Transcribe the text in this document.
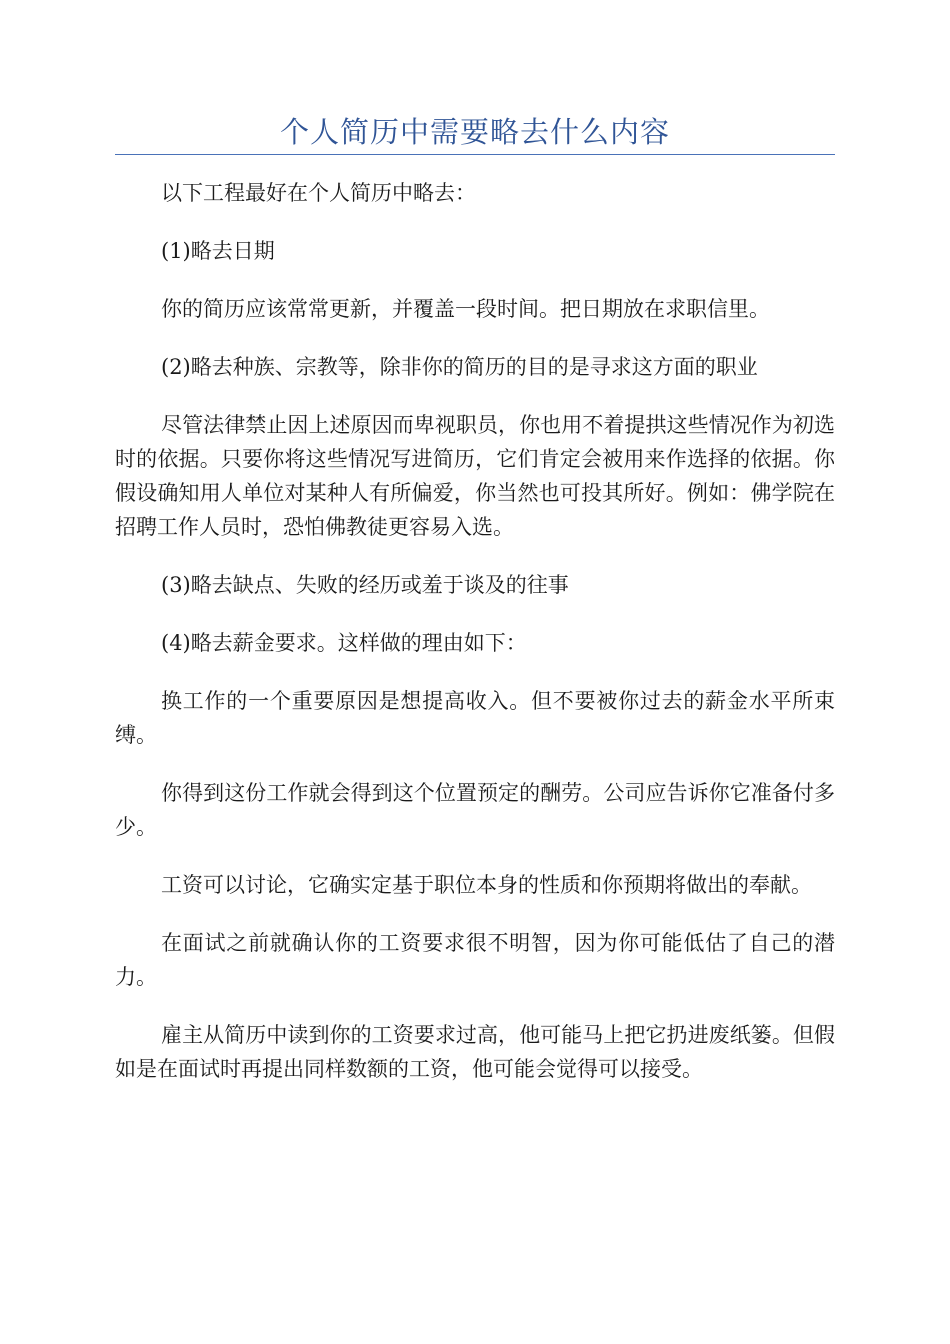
个人简历中需要略去什么内容

以下工程最好在个人简历中略去：

(1)略去日期

你的简历应该常常更新，并覆盖一段时间。把日期放在求职信里。

(2)略去种族、宗教等，除非你的简历的目的是寻求这方面的职业

尽管法律禁止因上述原因而卑视职员，你也用不着提拱这些情况作为初选时的依据。只要你将这些情况写进简历，它们肯定会被用来作选择的依据。你假设确知用人单位对某种人有所偏爱，你当然也可投其所好。例如：佛学院在招聘工作人员时，恐怕佛教徒更容易入选。

(3)略去缺点、失败的经历或羞于谈及的往事

(4)略去薪金要求。这样做的理由如下：

换工作的一个重要原因是想提高收入。但不要被你过去的薪金水平所束缚。

你得到这份工作就会得到这个位置预定的酬劳。公司应告诉你它准备付多少。

工资可以讨论，它确实定基于职位本身的性质和你预期将做出的奉献。

在面试之前就确认你的工资要求很不明智，因为你可能低估了自己的潜力。

雇主从简历中读到你的工资要求过高，他可能马上把它扔进废纸篓。但假如是在面试时再提出同样数额的工资，他可能会觉得可以接受。
